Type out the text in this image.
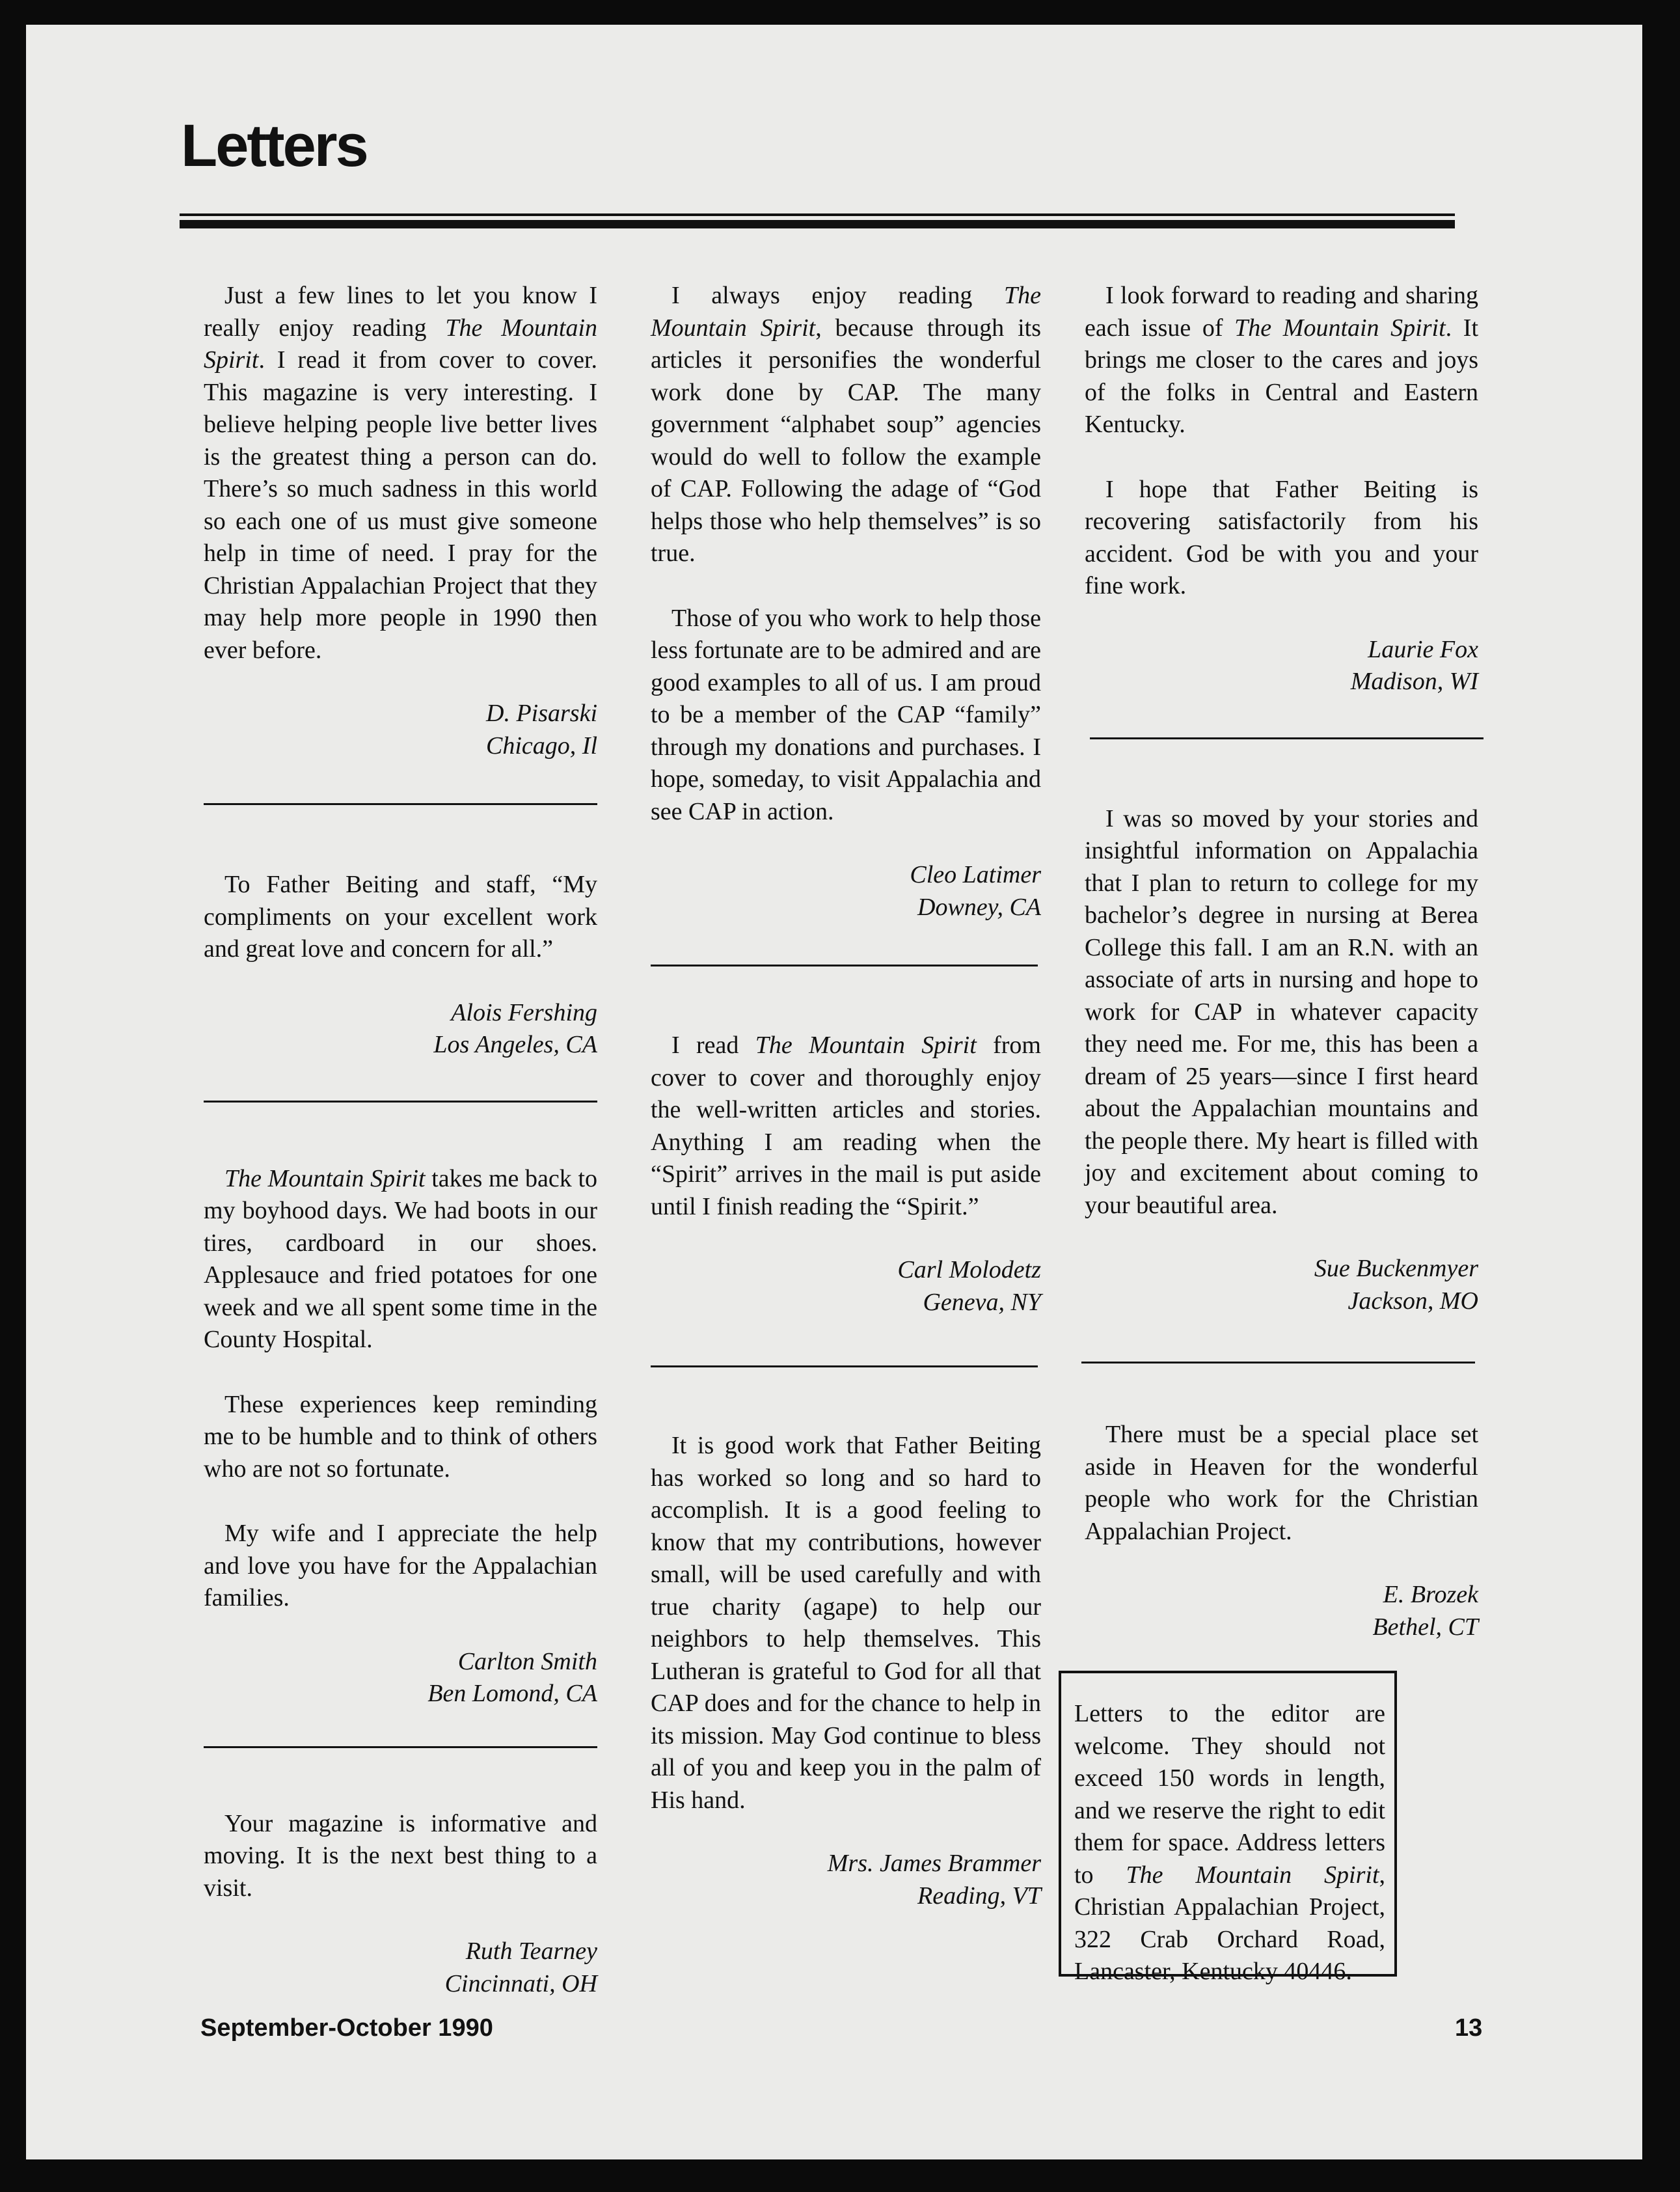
Letters

Just a few lines to let you know I really enjoy reading The Mountain Spirit. I read it from cover to cover. This magazine is very interesting. I believe helping people live better lives is the greatest thing a person can do. There’s so much sadness in this world so each one of us must give someone help in time of need. I pray for the Christian Appalachian Project that they may help more people in 1990 then ever before.

D. Pisarski
Chicago, Il

To Father Beiting and staff, “My compliments on your excellent work and great love and concern for all.”

Alois Fershing
Los Angeles, CA

The Mountain Spirit takes me back to my boyhood days. We had boots in our tires, cardboard in our shoes. Applesauce and fried potatoes for one week and we all spent some time in the County Hospital.

These experiences keep reminding me to be humble and to think of others who are not so fortunate.

My wife and I appreciate the help and love you have for the Appalachian families.

Carlton Smith
Ben Lomond, CA

Your magazine is informative and moving. It is the next best thing to a visit.

Ruth Tearney
Cincinnati, OH

I always enjoy reading The Mountain Spirit, because through its articles it personifies the wonderful work done by CAP. The many government “alphabet soup” agencies would do well to follow the example of CAP. Following the adage of “God helps those who help themselves” is so true.

Those of you who work to help those less fortunate are to be admired and are good examples to all of us. I am proud to be a member of the CAP “family” through my donations and purchases. I hope, someday, to visit Appalachia and see CAP in action.

Cleo Latimer
Downey, CA

I read The Mountain Spirit from cover to cover and thoroughly enjoy the well-written articles and stories. Anything I am reading when the “Spirit” arrives in the mail is put aside until I finish reading the “Spirit.”

Carl Molodetz
Geneva, NY

It is good work that Father Beiting has worked so long and so hard to accomplish. It is a good feeling to know that my contributions, however small, will be used carefully and with true charity (agape) to help our neighbors to help themselves. This Lutheran is grateful to God for all that CAP does and for the chance to help in its mission. May God continue to bless all of you and keep you in the palm of His hand.

Mrs. James Brammer
Reading, VT

I look forward to reading and sharing each issue of The Mountain Spirit. It brings me closer to the cares and joys of the folks in Central and Eastern Kentucky.

I hope that Father Beiting is recovering satisfactorily from his accident. God be with you and your fine work.

Laurie Fox
Madison, WI

I was so moved by your stories and insightful information on Appalachia that I plan to return to college for my bachelor’s degree in nursing at Berea College this fall. I am an R.N. with an associate of arts in nursing and hope to work for CAP in whatever capacity they need me. For me, this has been a dream of 25 years—since I first heard about the Appalachian mountains and the people there. My heart is filled with joy and excitement about coming to your beautiful area.

Sue Buckenmyer
Jackson, MO

There must be a special place set aside in Heaven for the wonderful people who work for the Christian Appalachian Project.

E. Brozek
Bethel, CT

Letters to the editor are welcome. They should not exceed 150 words in length, and we reserve the right to edit them for space. Address letters to The Mountain Spirit, Christian Appalachian Project, 322 Crab Orchard Road, Lancaster, Kentucky 40446.

September-October 1990	13
